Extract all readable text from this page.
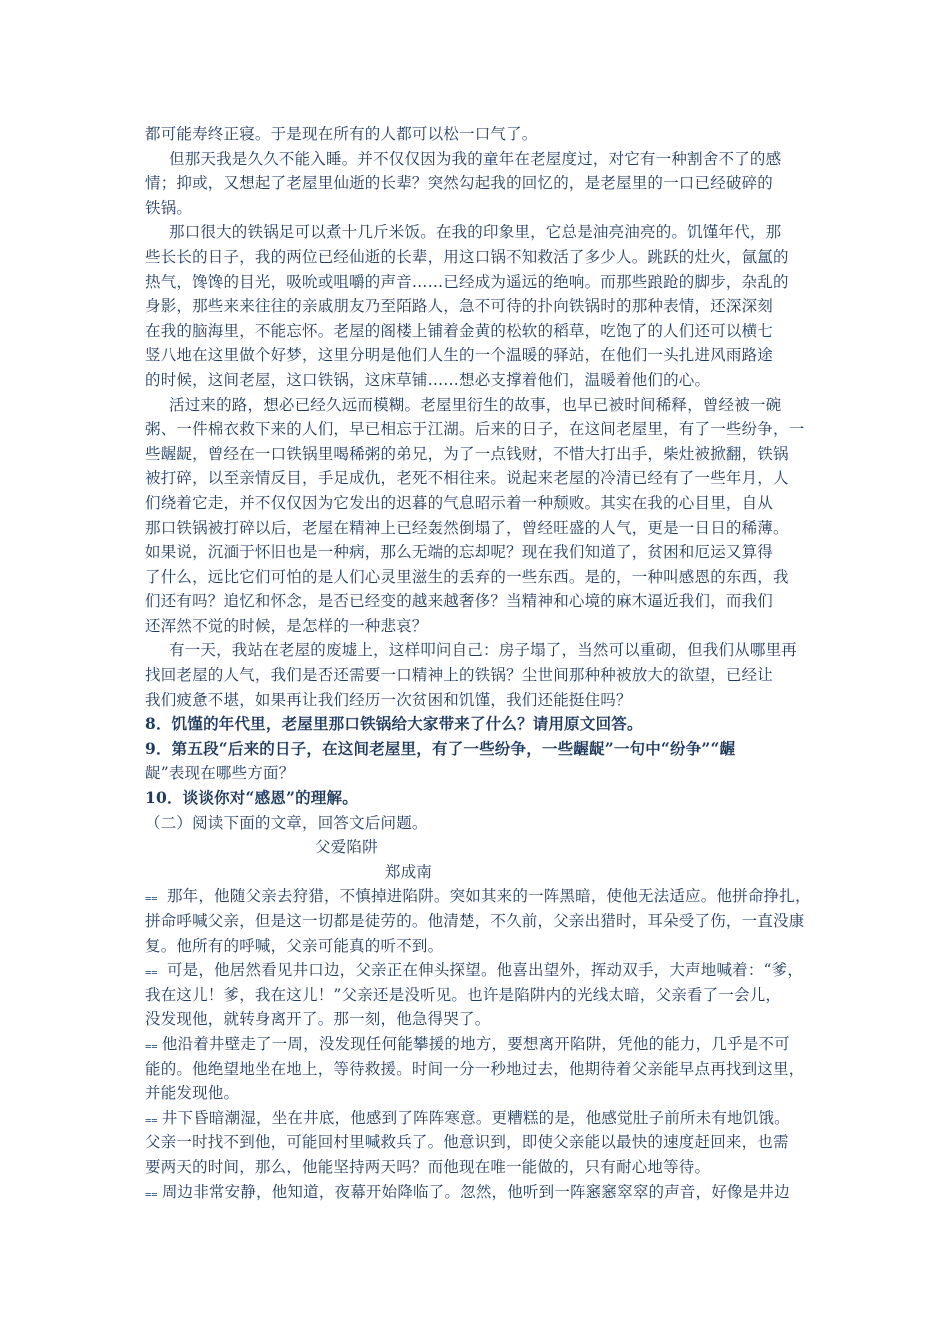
都可能寿终正寝。于是现在所有的人都可以松一口气了。
但那天我是久久不能入睡。并不仅仅因为我的童年在老屋度过，对它有一种割舍不了的感
情；抑或，又想起了老屋里仙逝的长辈？突然勾起我的回忆的，是老屋里的一口已经破碎的
铁锅。
那口很大的铁锅足可以煮十几斤米饭。在我的印象里，它总是油亮油亮的。饥馑年代，那
些长长的日子，我的两位已经仙逝的长辈，用这口锅不知救活了多少人。跳跃的灶火，氤氲的
热气，馋馋的目光，吸吮或咀嚼的声音……已经成为遥远的绝响。而那些踉跄的脚步，杂乱的
身影，那些来来往往的亲戚朋友乃至陌路人，急不可待的扑向铁锅时的那种表情，还深深刻
在我的脑海里，不能忘怀。老屋的阁楼上铺着金黄的松软的稻草，吃饱了的人们还可以横七
竖八地在这里做个好梦，这里分明是他们人生的一个温暖的驿站，在他们一头扎进风雨路途
的时候，这间老屋，这口铁锅，这床草铺……想必支撑着他们，温暖着他们的心。
活过来的路，想必已经久远而模糊。老屋里衍生的故事，也早已被时间稀释，曾经被一碗
粥、一件棉衣救下来的人们，早已相忘于江湖。后来的日子，在这间老屋里，有了一些纷争，一
些龌龊，曾经在一口铁锅里喝稀粥的弟兄，为了一点钱财，不惜大打出手，柴灶被掀翻，铁锅
被打碎，以至亲情反目，手足成仇，老死不相往来。说起来老屋的冷清已经有了一些年月，人
们绕着它走，并不仅仅因为它发出的迟暮的气息昭示着一种颓败。其实在我的心目里，自从
那口铁锅被打碎以后，老屋在精神上已经轰然倒塌了，曾经旺盛的人气，更是一日日的稀薄。
如果说，沉湎于怀旧也是一种病，那么无端的忘却呢？现在我们知道了，贫困和厄运又算得
了什么，远比它们可怕的是人们心灵里滋生的丢弃的一些东西。是的，一种叫感恩的东西，我
们还有吗？追忆和怀念，是否已经变的越来越奢侈？当精神和心境的麻木逼近我们，而我们
还浑然不觉的时候，是怎样的一种悲哀？
有一天，我站在老屋的废墟上，这样叩问自己：房子塌了，当然可以重砌，但我们从哪里再
找回老屋的人气，我们是否还需要一口精神上的铁锅？尘世间那种种被放大的欲望，已经让
我们疲惫不堪，如果再让我们经历一次贫困和饥馑，我们还能挺住吗？
8．饥馑的年代里，老屋里那口铁锅给大家带来了什么？请用原文回答。
9．第五段“后来的日子，在这间老屋里，有了一些纷争，一些龌龊”一句中“纷争”“龌
龊”表现在哪些方面？
10．谈谈你对“感恩”的理解。
（二）阅读下面的文章，回答文后问题。
父爱陷阱
郑成南
⩵ 那年，他随父亲去狩猎，不慎掉进陷阱。突如其来的一阵黑暗，使他无法适应。他拼命挣扎，
拼命呼喊父亲，但是这一切都是徒劳的。他清楚，不久前，父亲出猎时，耳朵受了伤，一直没康
复。他所有的呼喊，父亲可能真的听不到。
⩵ 可是，他居然看见井口边，父亲正在伸头探望。他喜出望外，挥动双手，大声地喊着：“爹，
我在这儿！爹，我在这儿！”父亲还是没听见。也许是陷阱内的光线太暗，父亲看了一会儿，
没发现他，就转身离开了。那一刻，他急得哭了。
⩵ 他沿着井壁走了一周，没发现任何能攀援的地方，要想离开陷阱，凭他的能力，几乎是不可
能的。他绝望地坐在地上，等待救援。时间一分一秒地过去，他期待着父亲能早点再找到这里，
并能发现他。
⩵ 井下昏暗潮湿，坐在井底，他感到了阵阵寒意。更糟糕的是，他感觉肚子前所未有地饥饿。
父亲一时找不到他，可能回村里喊救兵了。他意识到，即使父亲能以最快的速度赶回来，也需
要两天的时间，那么，他能坚持两天吗？而他现在唯一能做的，只有耐心地等待。
⩵ 周边非常安静，他知道，夜幕开始降临了。忽然，他听到一阵窸窸窣窣的声音，好像是井边
